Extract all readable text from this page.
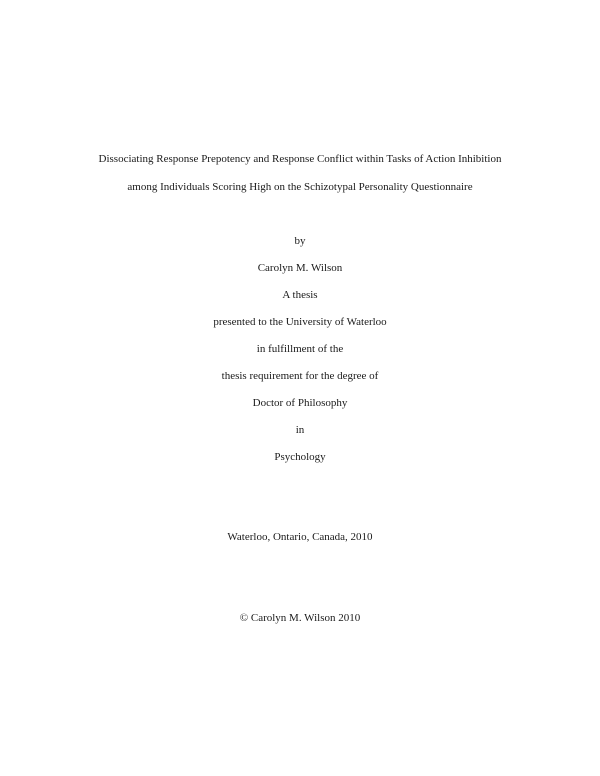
Dissociating Response Prepotency and Response Conflict within Tasks of Action Inhibition
among Individuals Scoring High on the Schizotypal Personality Questionnaire
by
Carolyn M. Wilson
A thesis
presented to the University of Waterloo
in fulfillment of the
thesis requirement for the degree of
Doctor of Philosophy
in
Psychology
Waterloo, Ontario, Canada, 2010
© Carolyn M. Wilson 2010
